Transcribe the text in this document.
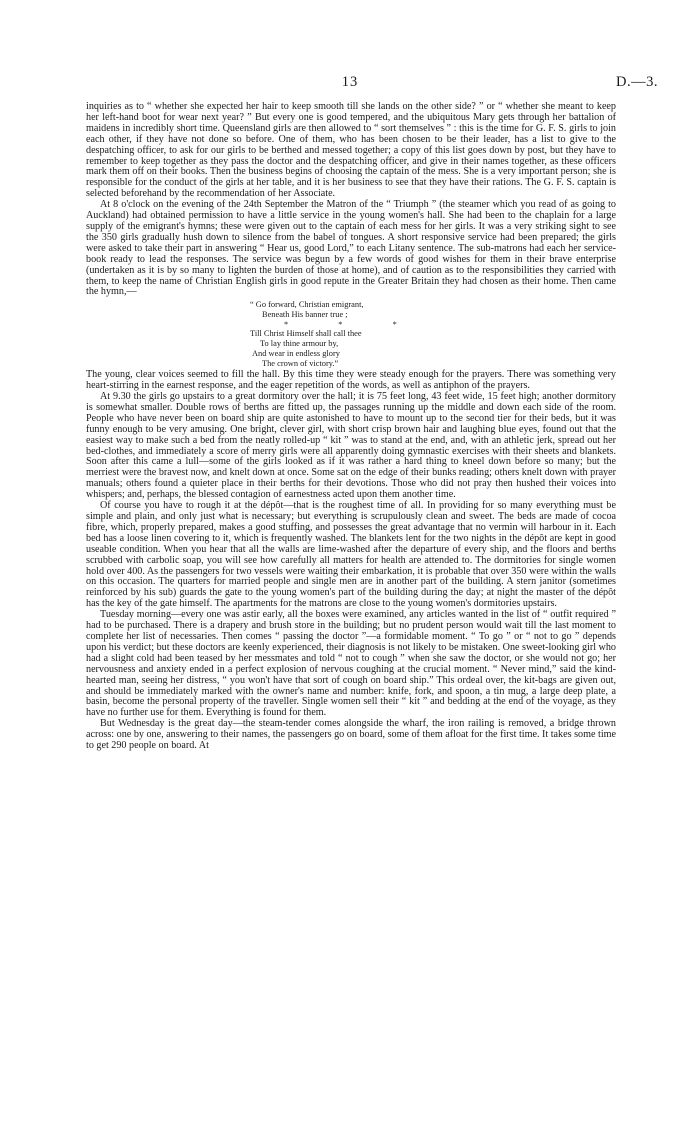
13	D.—3.

inquiries as to “ whether she expected her hair to keep smooth till she lands on the other side? ” or “ whether she meant to keep her left-hand boot for wear next year? ” But every one is good tempered, and the ubiquitous Mary gets through her battalion of maidens in incredibly short time. Queensland girls are then allowed to “ sort themselves ” : this is the time for G. F. S. girls to join each other, if they have not done so before. One of them, who has been chosen to be their leader, has a list to give to the despatching officer, to ask for our girls to be berthed and messed together; a copy of this list goes down by post, but they have to remember to keep together as they pass the doctor and the despatching officer, and give in their names together, as these officers mark them off on their books. Then the business begins of choosing the captain of the mess. She is a very important person; she is responsible for the conduct of the girls at her table, and it is her business to see that they have their rations. The G. F. S. captain is selected beforehand by the recommendation of her Associate.

At 8 o'clock on the evening of the 24th September the Matron of the “ Triumph ” (the steamer which you read of as going to Auckland) had obtained permission to have a little service in the young women's hall. She had been to the chaplain for a large supply of the emigrant's hymns; these were given out to the captain of each mess for her girls. It was a very striking sight to see the 350 girls gradually hush down to silence from the babel of tongues. A short responsive service had been prepared; the girls were asked to take their part in answering “ Hear us, good Lord,” to each Litany sentence. The sub-matrons had each her service-book ready to lead the responses. The service was begun by a few words of good wishes for them in their brave enterprise (undertaken as it is by so many to lighten the burden of those at home), and of caution as to the responsibilities they carried with them, to keep the name of Christian English girls in good repute in the Greater Britain they had chosen as their home. Then came the hymn,—

“ Go forward, Christian emigrant,
Beneath His banner true ;
* * *
Till Christ Himself shall call thee
To lay thine armour by,
And wear in endless glory
The crown of victory.”

The young, clear voices seemed to fill the hall. By this time they were steady enough for the prayers. There was something very heart-stirring in the earnest response, and the eager repetition of the words, as well as antiphon of the prayers.

At 9.30 the girls go upstairs to a great dormitory over the hall; it is 75 feet long, 43 feet wide, 15 feet high; another dormitory is somewhat smaller. Double rows of berths are fitted up, the passages running up the middle and down each side of the room. People who have never been on board ship are quite astonished to have to mount up to the second tier for their beds, but it was funny enough to be very amusing. One bright, clever girl, with short crisp brown hair and laughing blue eyes, found out that the easiest way to make such a bed from the neatly rolled-up “ kit ” was to stand at the end, and, with an athletic jerk, spread out her bed-clothes, and immediately a score of merry girls were all apparently doing gymnastic exercises with their sheets and blankets. Soon after this came a lull—some of the girls looked as if it was rather a hard thing to kneel down before so many; but the merriest were the bravest now, and knelt down at once. Some sat on the edge of their bunks reading; others knelt down with prayer manuals; others found a quieter place in their berths for their devotions. Those who did not pray then hushed their voices into whispers; and, perhaps, the blessed contagion of earnestness acted upon them another time.

Of course you have to rough it at the dépôt—that is the roughest time of all. In providing for so many everything must be simple and plain, and only just what is necessary; but everything is scrupulously clean and sweet. The beds are made of cocoa fibre, which, properly prepared, makes a good stuffing, and possesses the great advantage that no vermin will harbour in it. Each bed has a loose linen covering to it, which is frequently washed. The blankets lent for the two nights in the dépôt are kept in good useable condition. When you hear that all the walls are lime-washed after the departure of every ship, and the floors and berths scrubbed with carbolic soap, you will see how carefully all matters for health are attended to. The dormitories for single women hold over 400. As the passengers for two vessels were waiting their embarkation, it is probable that over 350 were within the walls on this occasion. The quarters for married people and single men are in another part of the building. A stern janitor (sometimes reinforced by his sub) guards the gate to the young women's part of the building during the day; at night the master of the dépôt has the key of the gate himself. The apartments for the matrons are close to the young women's dormitories upstairs.

Tuesday morning—every one was astir early, all the boxes were examined, any articles wanted in the list of “ outfit required ” had to be purchased. There is a drapery and brush store in the building; but no prudent person would wait till the last moment to complete her list of necessaries. Then comes “ passing the doctor ”—a formidable moment. “ To go ” or “ not to go ” depends upon his verdict; but these doctors are keenly experienced, their diagnosis is not likely to be mistaken. One sweet-looking girl who had a slight cold had been teased by her messmates and told “ not to cough ” when she saw the doctor, or she would not go; her nervousness and anxiety ended in a perfect explosion of nervous coughing at the crucial moment. “ Never mind,” said the kind-hearted man, seeing her distress, “ you won't have that sort of cough on board ship.” This ordeal over, the kit-bags are given out, and should be immediately marked with the owner's name and number: knife, fork, and spoon, a tin mug, a large deep plate, a basin, become the personal property of the traveller. Single women sell their “ kit ” and bedding at the end of the voyage, as they have no further use for them. Everything is found for them.

But Wednesday is the great day—the steam-tender comes alongside the wharf, the iron railing is removed, a bridge thrown across: one by one, answering to their names, the passengers go on board, some of them afloat for the first time. It takes some time to get 290 people on board. At
